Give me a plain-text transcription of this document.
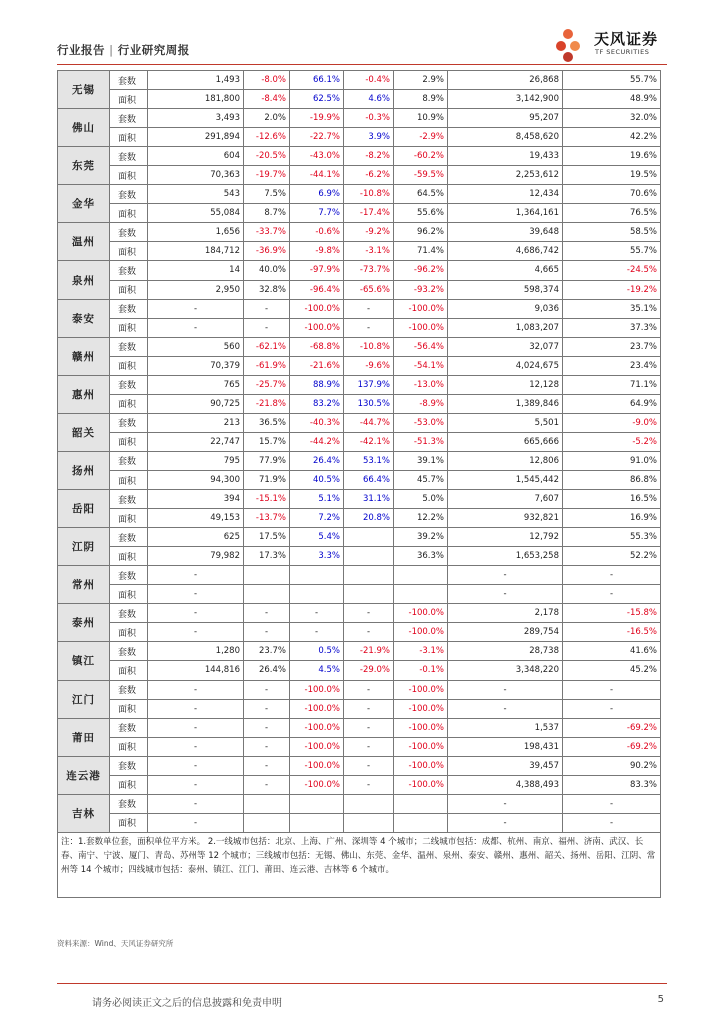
行业报告 | 行业研究周报
天风证券
TF SECURITIES
无锡	套数	1,493	-8.0%	66.1%	-0.4%	2.9%	26,868	55.7%
	面积	181,800	-8.4%	62.5%	4.6%	8.9%	3,142,900	48.9%
佛山	套数	3,493	2.0%	-19.9%	-0.3%	10.9%	95,207	32.0%
	面积	291,894	-12.6%	-22.7%	3.9%	-2.9%	8,458,620	42.2%
东莞	套数	604	-20.5%	-43.0%	-8.2%	-60.2%	19,433	19.6%
	面积	70,363	-19.7%	-44.1%	-6.2%	-59.5%	2,253,612	19.5%
金华	套数	543	7.5%	6.9%	-10.8%	64.5%	12,434	70.6%
	面积	55,084	8.7%	7.7%	-17.4%	55.6%	1,364,161	76.5%
温州	套数	1,656	-33.7%	-0.6%	-9.2%	96.2%	39,648	58.5%
	面积	184,712	-36.9%	-9.8%	-3.1%	71.4%	4,686,742	55.7%
泉州	套数	14	40.0%	-97.9%	-73.7%	-96.2%	4,665	-24.5%
	面积	2,950	32.8%	-96.4%	-65.6%	-93.2%	598,374	-19.2%
泰安	套数	-	-	-100.0%	-	-100.0%	9,036	35.1%
	面积	-	-	-100.0%	-	-100.0%	1,083,207	37.3%
赣州	套数	560	-62.1%	-68.8%	-10.8%	-56.4%	32,077	23.7%
	面积	70,379	-61.9%	-21.6%	-9.6%	-54.1%	4,024,675	23.4%
惠州	套数	765	-25.7%	88.9%	137.9%	-13.0%	12,128	71.1%
	面积	90,725	-21.8%	83.2%	130.5%	-8.9%	1,389,846	64.9%
韶关	套数	213	36.5%	-40.3%	-44.7%	-53.0%	5,501	-9.0%
	面积	22,747	15.7%	-44.2%	-42.1%	-51.3%	665,666	-5.2%
扬州	套数	795	77.9%	26.4%	53.1%	39.1%	12,806	91.0%
	面积	94,300	71.9%	40.5%	66.4%	45.7%	1,545,442	86.8%
岳阳	套数	394	-15.1%	5.1%	31.1%	5.0%	7,607	16.5%
	面积	49,153	-13.7%	7.2%	20.8%	12.2%	932,821	16.9%
江阴	套数	625	17.5%	5.4%		39.2%	12,792	55.3%
	面积	79,982	17.3%	3.3%		36.3%	1,653,258	52.2%
常州	套数	-					-	-
	面积	-					-	-
泰州	套数	-	-	-	-	-100.0%	2,178	-15.8%
	面积	-	-	-	-	-100.0%	289,754	-16.5%
镇江	套数	1,280	23.7%	0.5%	-21.9%	-3.1%	28,738	41.6%
	面积	144,816	26.4%	4.5%	-29.0%	-0.1%	3,348,220	45.2%
江门	套数	-	-	-100.0%	-	-100.0%	-	-
	面积	-	-	-100.0%	-	-100.0%	-	-
莆田	套数	-	-	-100.0%	-	-100.0%	1,537	-69.2%
	面积	-	-	-100.0%	-	-100.0%	198,431	-69.2%
连云港	套数	-	-	-100.0%	-	-100.0%	39,457	90.2%
	面积	-	-	-100.0%	-	-100.0%	4,388,493	83.3%
吉林	套数	-					-	-
	面积	-					-	-
注：1.套数单位套，面积单位平方米。 2.一线城市包括：北京、上海、广州、深圳等 4 个城市；二线城市包括：成都、杭州、南京、福州、济南、武汉、长春、南宁、宁波、厦门、青岛、苏州等 12 个城市；三线城市包括：无锡、佛山、东莞、金华、温州、泉州、泰安、赣州、惠州、韶关、扬州、岳阳、江阴、常州等 14 个城市；四线城市包括：泰州、镇江、江门、莆田、连云港、吉林等 6 个城市。								
资料来源：Wind、天风证券研究所
请务必阅读正文之后的信息披露和免责申明	5
